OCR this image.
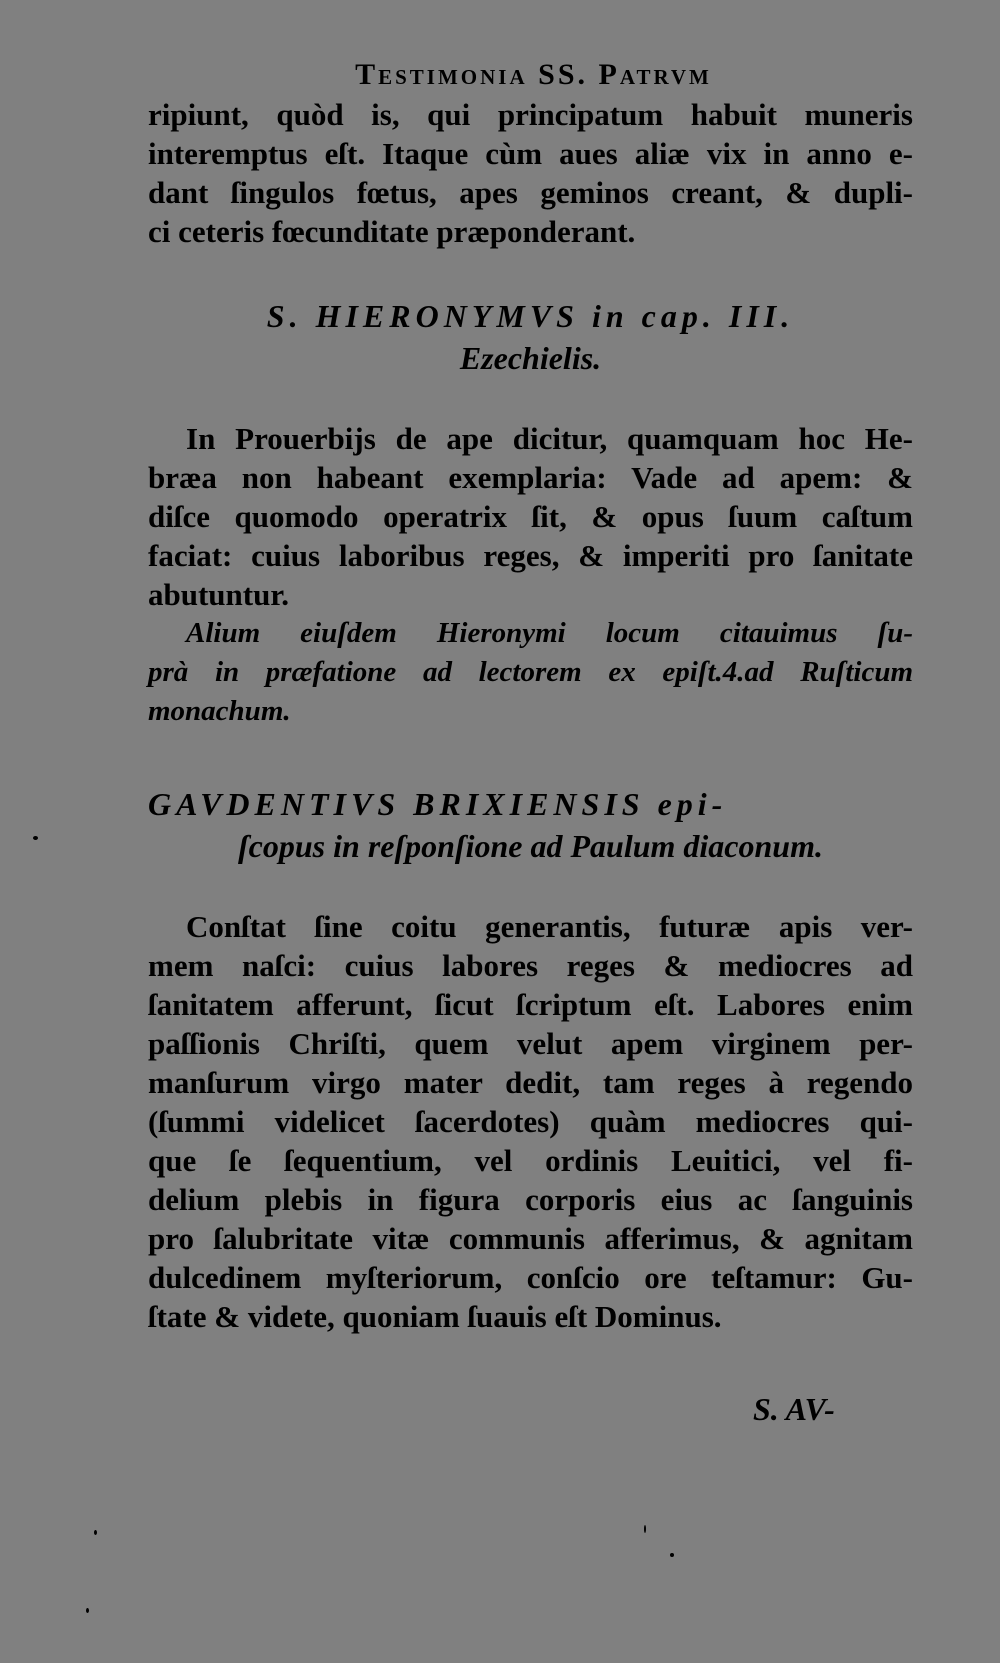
Testimonia SS. Patrvm
ripiunt, quòd is, qui principatum habuit muneris
interemptus eſt. Itaque cùm aues aliæ vix in anno e-
dant ſingulos fœtus, apes geminos creant, & dupli-
ci ceteris fœcunditate præponderant.
S. HIERONYMVS in cap. III.
Ezechielis.
In Prouerbijs de ape dicitur, quamquam hoc He-
bræa non habeant exemplaria: Vade ad apem: &
diſce quomodo operatrix ſit, & opus ſuum caſtum
faciat: cuius laboribus reges, & imperiti pro ſanitate
abutuntur.
Alium eiuſdem Hieronymi locum citauimus ſu-
prà in præfatione ad lectorem ex epiſt.4.ad Ruſticum
monachum.
GAVDENTIVS BRIXIENSIS epi-
ſcopus in reſponſione ad Paulum diaconum.
Conſtat ſine coitu generantis, futuræ apis ver-
mem naſci: cuius labores reges & mediocres ad
ſanitatem afferunt, ſicut ſcriptum eſt. Labores enim
paſſionis Chriſti, quem velut apem virginem per-
manſurum virgo mater dedit, tam reges à regendo
(ſummi videlicet ſacerdotes) quàm mediocres qui-
que ſe ſequentium, vel ordinis Leuitici, vel fi-
delium plebis in figura corporis eius ac ſanguinis
pro ſalubritate vitæ communis afferimus, & agnitam
dulcedinem myſteriorum, conſcio ore teſtamur: Gu-
ſtate & videte, quoniam ſuauis eſt Dominus.
S. AV-
